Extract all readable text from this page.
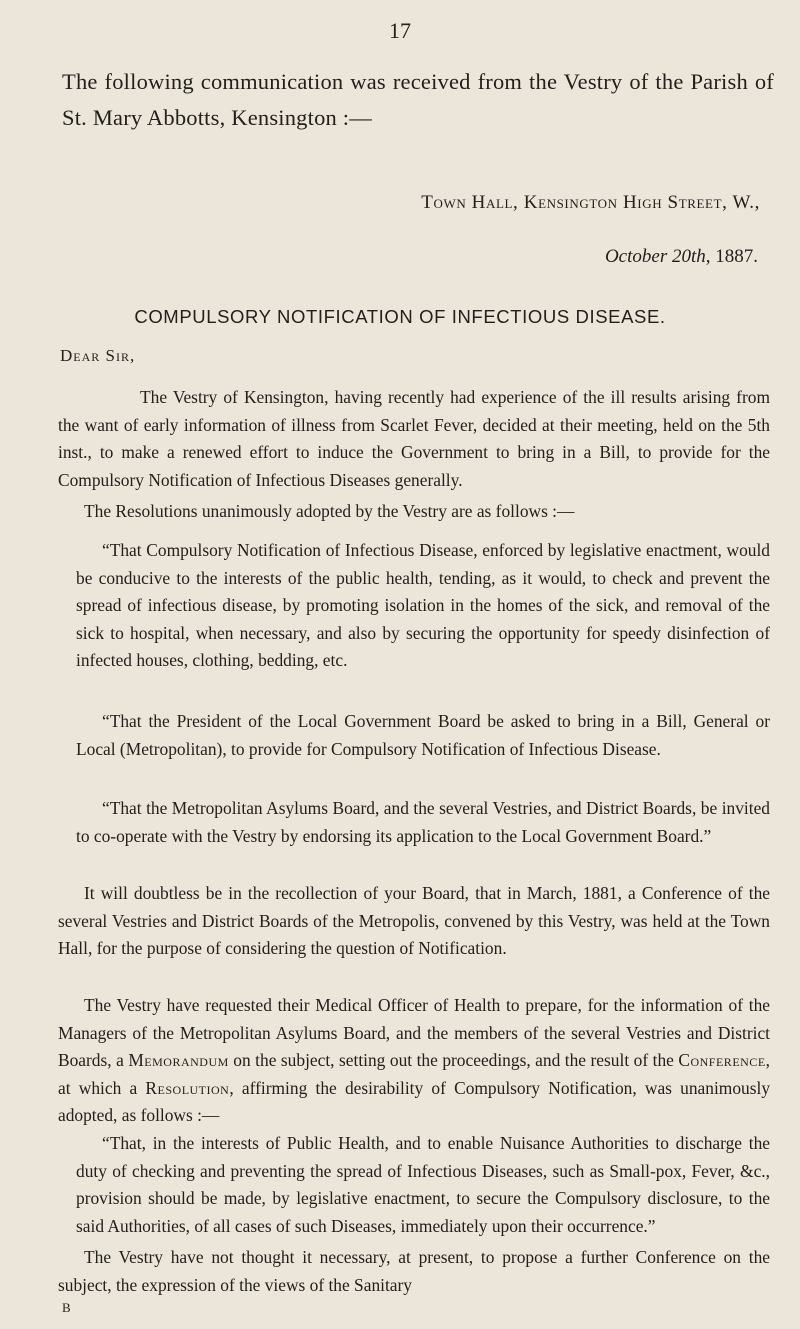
17
The following communication was received from the Vestry of the Parish of St. Mary Abbotts, Kensington :—
Town Hall, Kensington High Street, W.,
October 20th, 1887.
COMPULSORY NOTIFICATION OF INFECTIOUS DISEASE.
Dear Sir,
The Vestry of Kensington, having recently had experience of the ill results arising from the want of early information of illness from Scarlet Fever, decided at their meeting, held on the 5th inst., to make a renewed effort to induce the Government to bring in a Bill, to provide for the Compulsory Notification of Infectious Diseases generally.
The Resolutions unanimously adopted by the Vestry are as follows :—
“That Compulsory Notification of Infectious Disease, enforced by legislative enactment, would be conducive to the interests of the public health, tending, as it would, to check and prevent the spread of infectious disease, by promoting isolation in the homes of the sick, and removal of the sick to hospital, when necessary, and also by securing the opportunity for speedy disinfection of infected houses, clothing, bedding, etc.
“That the President of the Local Government Board be asked to bring in a Bill, General or Local (Metropolitan), to provide for Compulsory Notification of Infectious Disease.
“That the Metropolitan Asylums Board, and the several Vestries, and District Boards, be invited to co-operate with the Vestry by endorsing its application to the Local Government Board.”
It will doubtless be in the recollection of your Board, that in March, 1881, a Conference of the several Vestries and District Boards of the Metropolis, convened by this Vestry, was held at the Town Hall, for the purpose of considering the question of Notification.
The Vestry have requested their Medical Officer of Health to prepare, for the information of the Managers of the Metropolitan Asylums Board, and the members of the several Vestries and District Boards, a Memorandum on the subject, setting out the proceedings, and the result of the Conference, at which a Resolution, affirming the desirability of Compulsory Notification, was unanimously adopted, as follows :—
“That, in the interests of Public Health, and to enable Nuisance Authorities to discharge the duty of checking and preventing the spread of Infectious Diseases, such as Small-pox, Fever, &c., provision should be made, by legislative enactment, to secure the Compulsory disclosure, to the said Authorities, of all cases of such Diseases, immediately upon their occurrence.”
The Vestry have not thought it necessary, at present, to propose a further Conference on the subject, the expression of the views of the Sanitary
B
